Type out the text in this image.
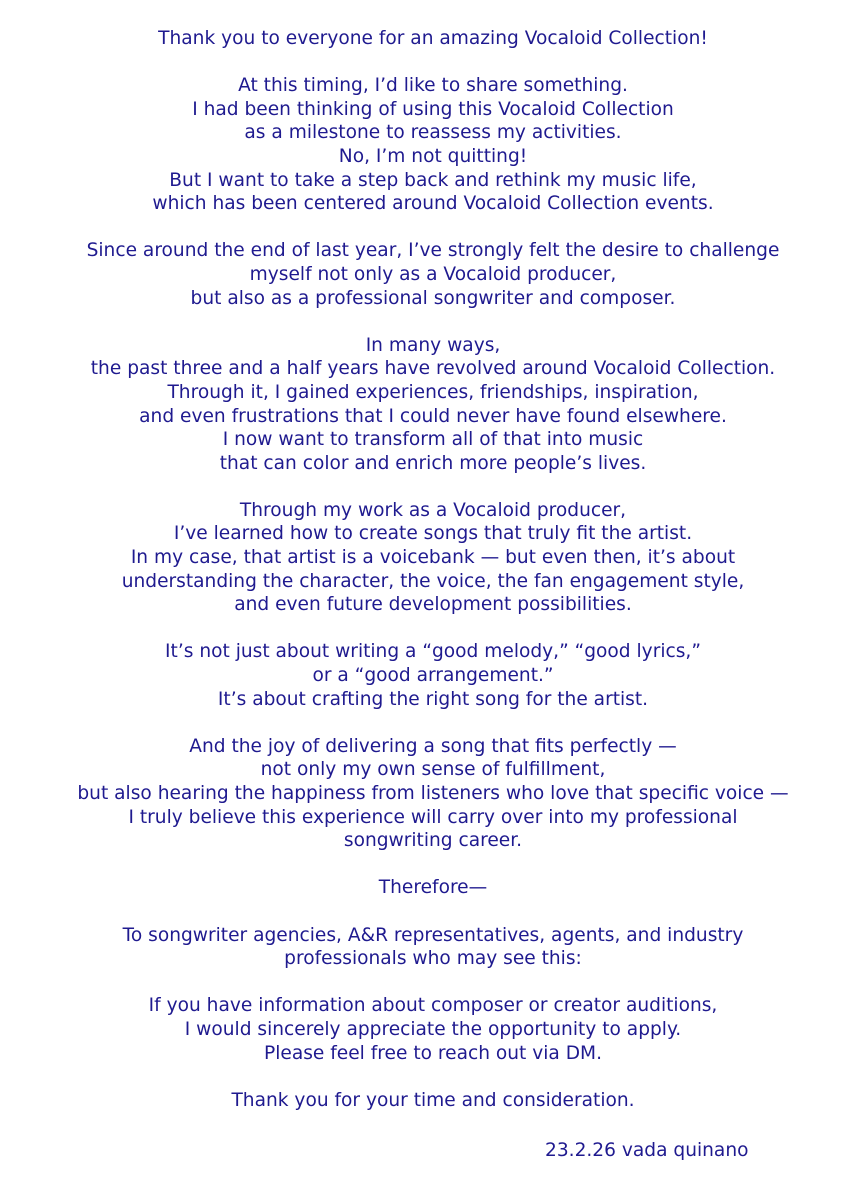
Thank you to everyone for an amazing Vocaloid Collection!

At this timing, I’d like to share something.

I had been thinking of using this Vocaloid Collection

as a milestone to reassess my activities.

No, I’m not quitting!

But I want to take a step back and rethink my music life,

which has been centered around Vocaloid Collection events.

Since around the end of last year, I’ve strongly felt the desire to challenge

myself not only as a Vocaloid producer,

but also as a professional songwriter and composer.

In many ways,

the past three and a half years have revolved around Vocaloid Collection.

Through it, I gained experiences, friendships, inspiration,

and even frustrations that I could never have found elsewhere.

I now want to transform all of that into music

that can color and enrich more people’s lives.

Through my work as a Vocaloid producer,

I’ve learned how to create songs that truly fit the artist.

In my case, that artist is a voicebank — but even then, it’s about

understanding the character, the voice, the fan engagement style,

and even future development possibilities.

It’s not just about writing a “good melody,” “good lyrics,”

or a “good arrangement.”

It’s about crafting the right song for the artist.

And the joy of delivering a song that fits perfectly —

not only my own sense of fulfillment,

but also hearing the happiness from listeners who love that specific voice —

I truly believe this experience will carry over into my professional

songwriting career.

Therefore—

To songwriter agencies, A&R representatives, agents, and industry

professionals who may see this:

If you have information about composer or creator auditions,

I would sincerely appreciate the opportunity to apply.

Please feel free to reach out via DM.

Thank you for your time and consideration.

23.2.26 vada quinano
